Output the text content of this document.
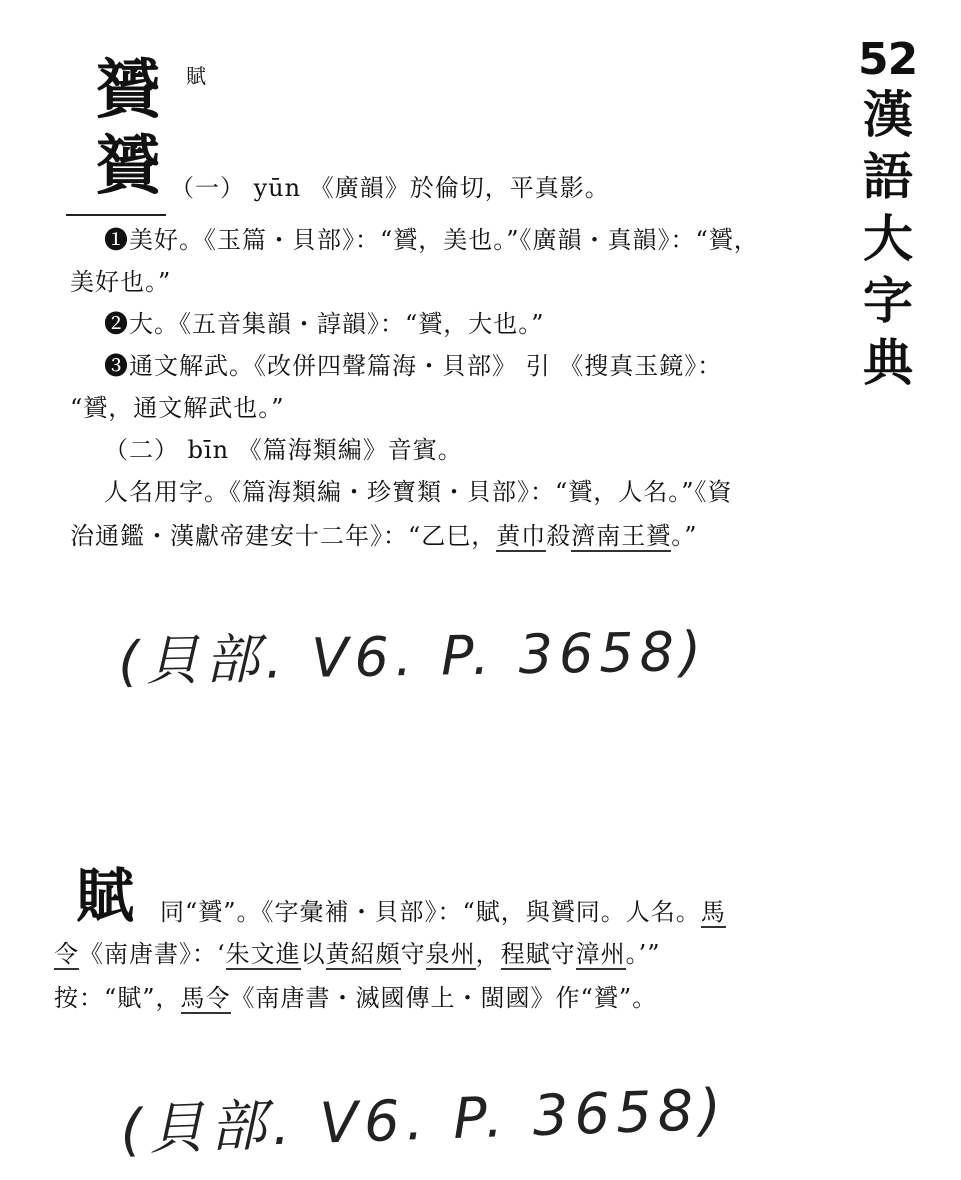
52
漢
語
大
字
典
贇 賦
贇 （一） yūn 《廣韻》於倫切，平真影。
❶美好。《玉篇・貝部》：“贇，美也。”《廣韻・真韻》：“贇，
美好也。”
❷大。《五音集韻・諄韻》：“贇，大也。”
❸通文解武。《改併四聲篇海・貝部》 引 《搜真玉鏡》：
“贇，通文解武也。”
（二） bīn 《篇海類編》音賓。
人名用字。《篇海類編・珍寶類・貝部》：“贇，人名。”《資
治通鑑・漢獻帝建安十二年》：“乙巳，黄巾殺濟南王贇。”
(貝部. V6. P. 3658)
賦 同“贇”。《字彙補・貝部》：“賦，與贇同。人名。馬
令《南唐書》：‘朱文進以黄紹頗守泉州，程賦守漳州。’”
按：“賦”，馬令《南唐書・滅國傳上・閩國》作“贇”。
(貝部. V6. P. 3658)
